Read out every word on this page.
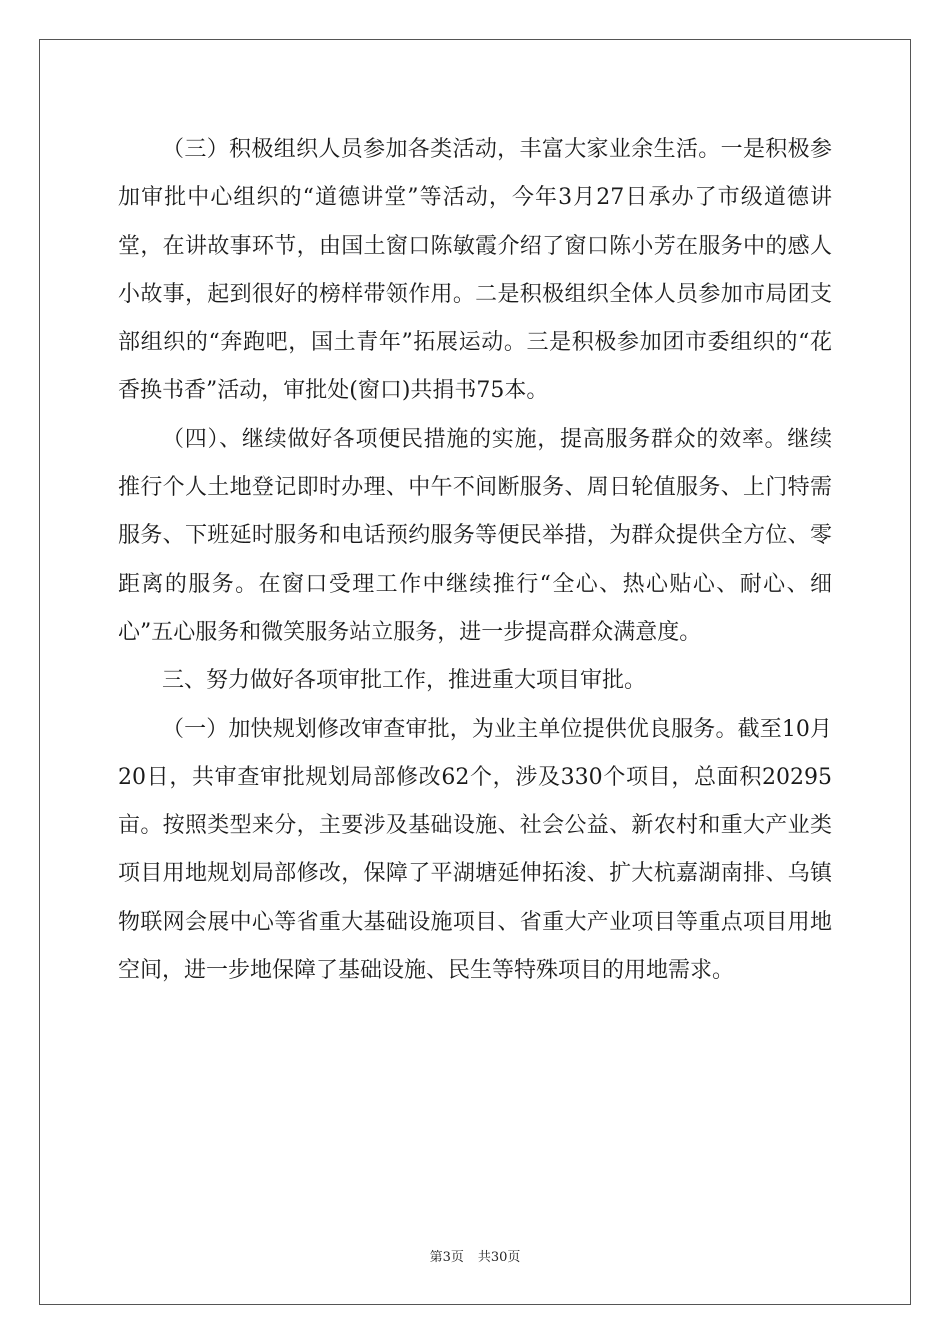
（三）积极组织人员参加各类活动，丰富大家业余生活。一是积极参加审批中心组织的“道德讲堂”等活动，今年3月27日承办了市级道德讲堂，在讲故事环节，由国土窗口陈敏霞介绍了窗口陈小芳在服务中的感人小故事，起到很好的榜样带领作用。二是积极组织全体人员参加市局团支部组织的“奔跑吧，国土青年”拓展运动。三是积极参加团市委组织的“花香换书香”活动，审批处(窗口)共捐书75本。

（四）、继续做好各项便民措施的实施，提高服务群众的效率。继续推行个人土地登记即时办理、中午不间断服务、周日轮值服务、上门特需服务、下班延时服务和电话预约服务等便民举措，为群众提供全方位、零距离的服务。在窗口受理工作中继续推行“全心、热心贴心、耐心、细心”五心服务和微笑服务站立服务，进一步提高群众满意度。

三、努力做好各项审批工作，推进重大项目审批。

（一）加快规划修改审查审批，为业主单位提供优良服务。截至10月20日，共审查审批规划局部修改62个，涉及330个项目，总面积20295亩。按照类型来分，主要涉及基础设施、社会公益、新农村和重大产业类项目用地规划局部修改，保障了平湖塘延伸拓浚、扩大杭嘉湖南排、乌镇物联网会展中心等省重大基础设施项目、省重大产业项目等重点项目用地空间，进一步地保障了基础设施、民生等特殊项目的用地需求。

第3页 共30页
